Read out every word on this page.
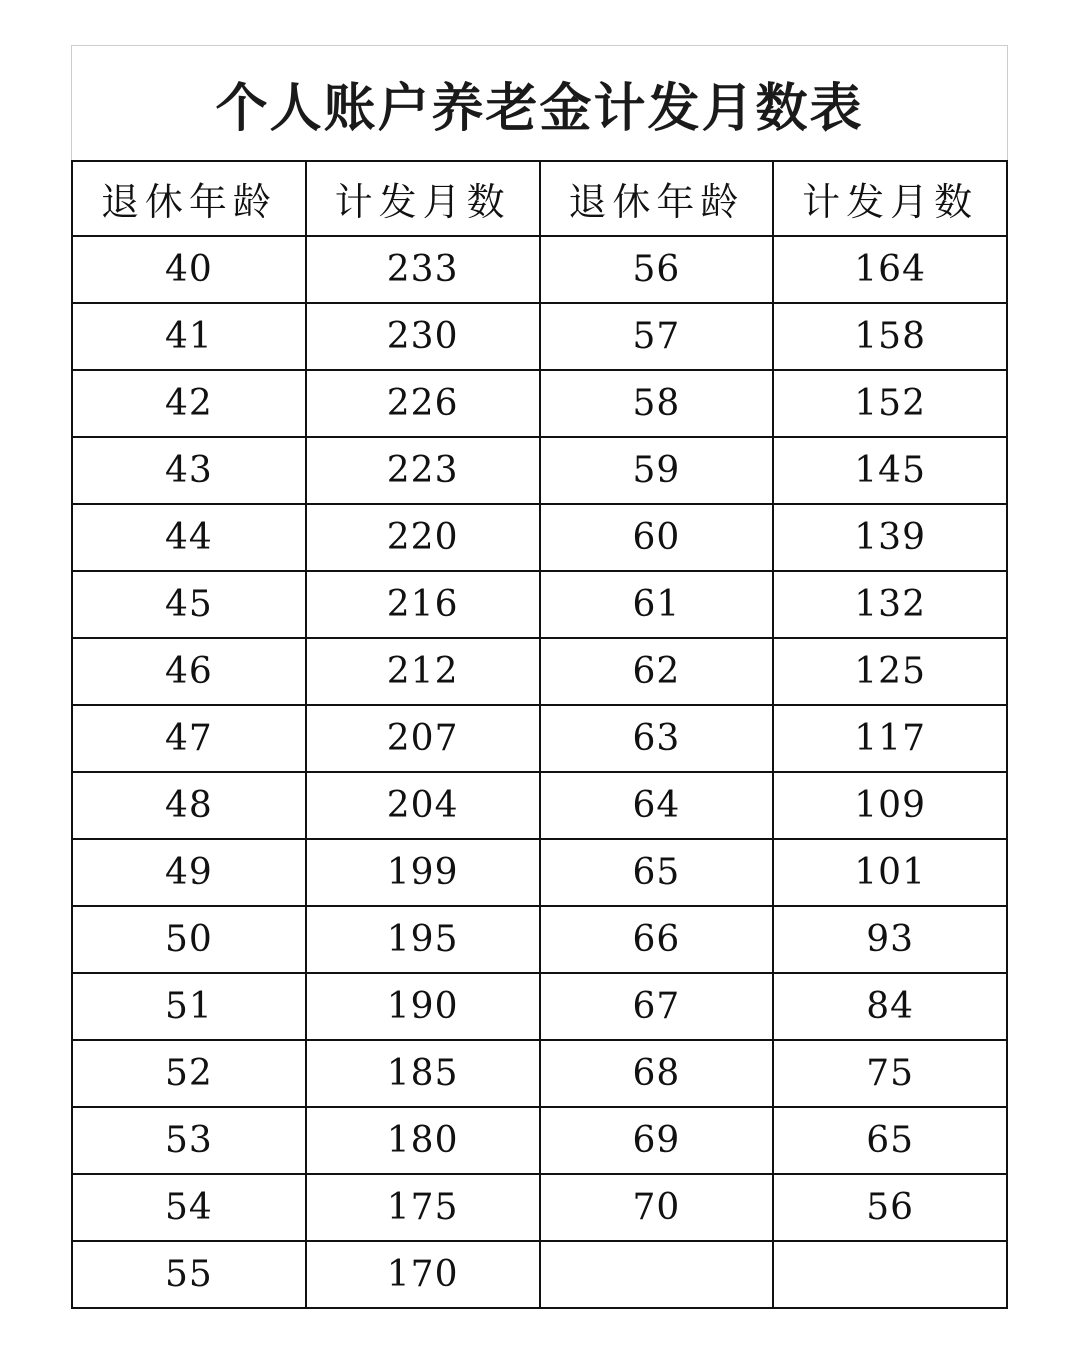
个人账户养老金计发月数表
退休年龄	计发月数	退休年龄	计发月数
40	233	56	164
41	230	57	158
42	226	58	152
43	223	59	145
44	220	60	139
45	216	61	132
46	212	62	125
47	207	63	117
48	204	64	109
49	199	65	101
50	195	66	93
51	190	67	84
52	185	68	75
53	180	69	65
54	175	70	56
55	170		
